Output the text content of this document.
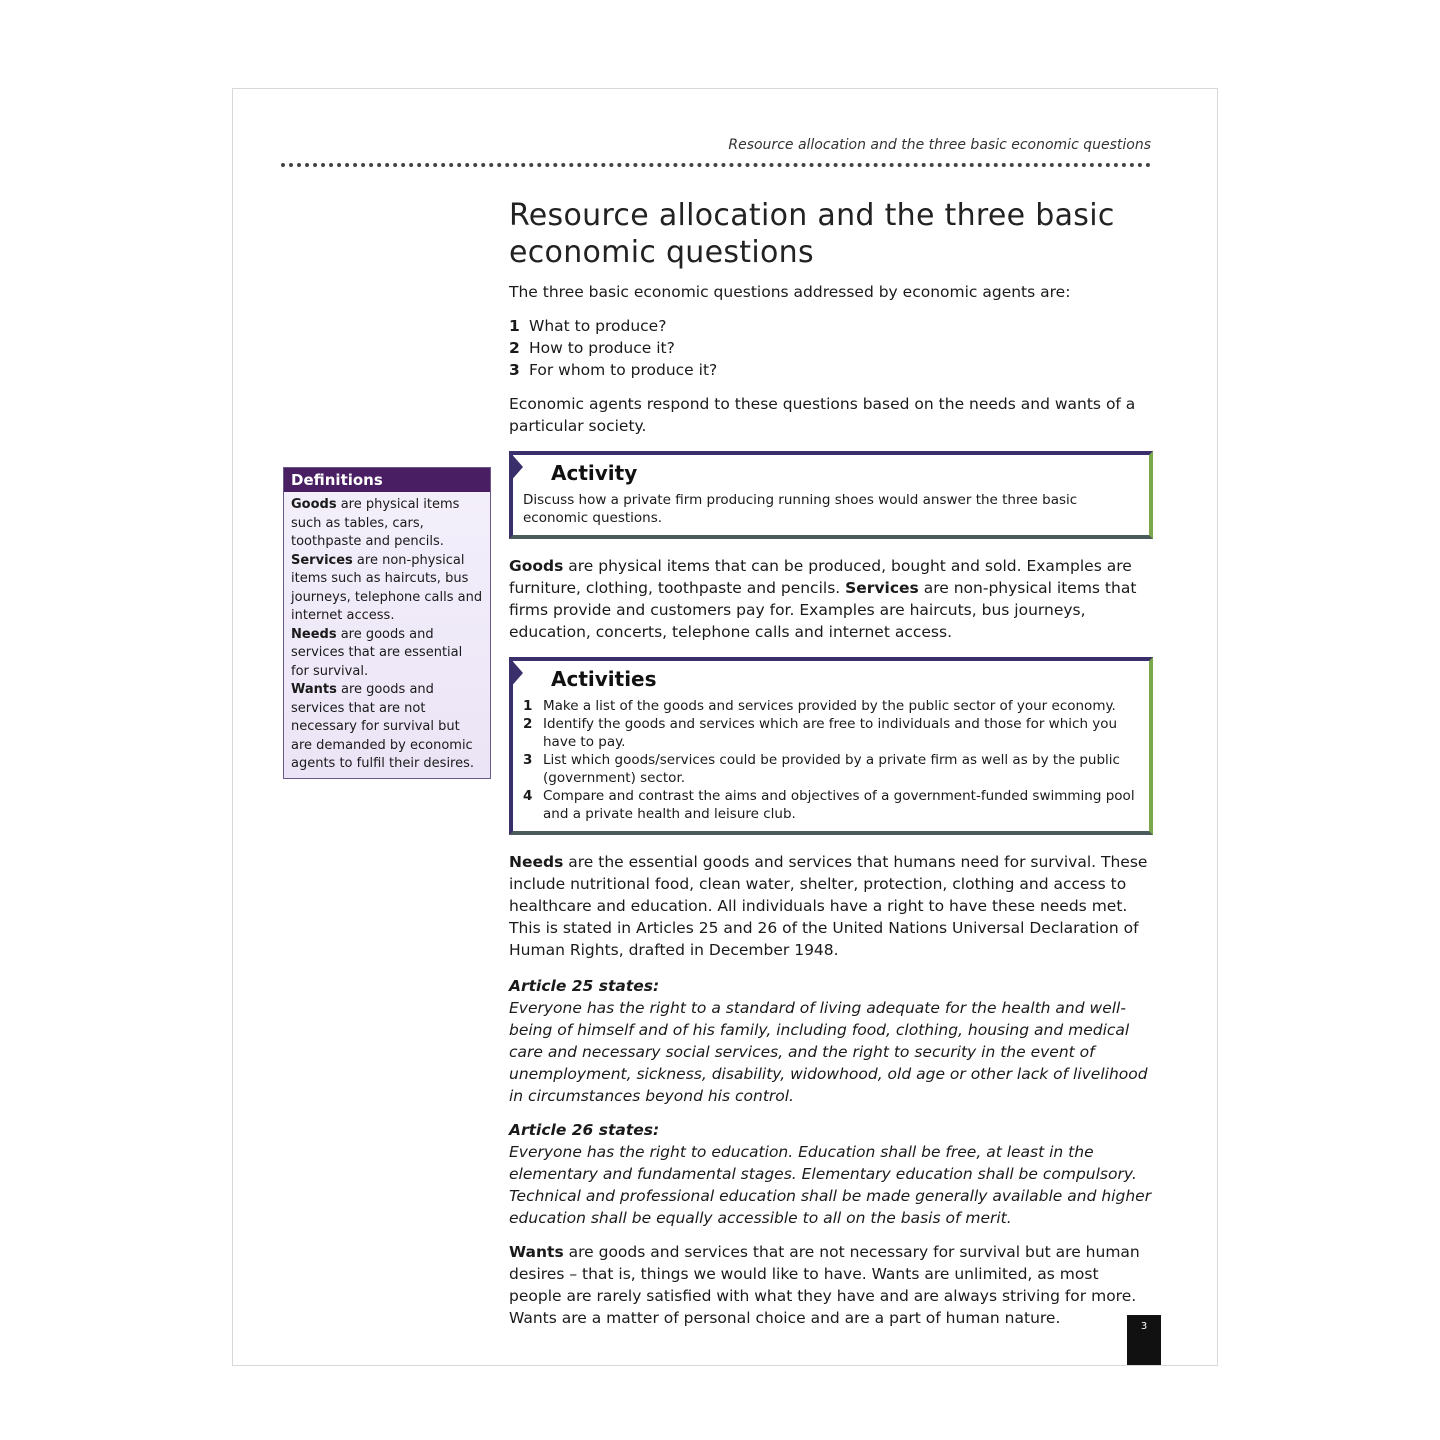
Resource allocation and the three basic economic questions
Definitions

Goods are physical items such as tables, cars, toothpaste and pencils.

Services are non-physical items such as haircuts, bus journeys, telephone calls and internet access.

Needs are goods and services that are essential for survival.

Wants are goods and services that are not necessary for survival but are demanded by economic agents to fulfil their desires.

Resource allocation and the three basic
economic questions

The three basic economic questions addressed by economic agents are:

1 What to produce?
2 How to produce it?
3 For whom to produce it?

Economic agents respond to these questions based on the needs and wants of a particular society.

Activity

Discuss how a private firm producing running shoes would answer the three basic economic questions.

Goods are physical items that can be produced, bought and sold. Examples are furniture, clothing, toothpaste and pencils. Services are non-physical items that firms provide and customers pay for. Examples are haircuts, bus journeys, education, concerts, telephone calls and internet access.

Activities
1 Make a list of the goods and services provided by the public sector of your economy.
2 Identify the goods and services which are free to individuals and those for which you have to pay.
3 List which goods/services could be provided by a private firm as well as by the public (government) sector.
4 Compare and contrast the aims and objectives of a government-funded swimming pool and a private health and leisure club.

Needs are the essential goods and services that humans need for survival. These include nutritional food, clean water, shelter, protection, clothing and access to healthcare and education. All individuals have a right to have these needs met. This is stated in Articles 25 and 26 of the United Nations Universal Declaration of Human Rights, drafted in December 1948.

Article 25 states:

Everyone has the right to a standard of living adequate for the health and well-being of himself and of his family, including food, clothing, housing and medical care and necessary social services, and the right to security in the event of unemployment, sickness, disability, widowhood, old age or other lack of livelihood in circumstances beyond his control.

Article 26 states:

Everyone has the right to education. Education shall be free, at least in the elementary and fundamental stages. Elementary education shall be compulsory. Technical and professional education shall be made generally available and higher education shall be equally accessible to all on the basis of merit.

Wants are goods and services that are not necessary for survival but are human desires – that is, things we would like to have. Wants are unlimited, as most people are rarely satisfied with what they have and are always striving for more. Wants are a matter of personal choice and are a part of human nature.	3
